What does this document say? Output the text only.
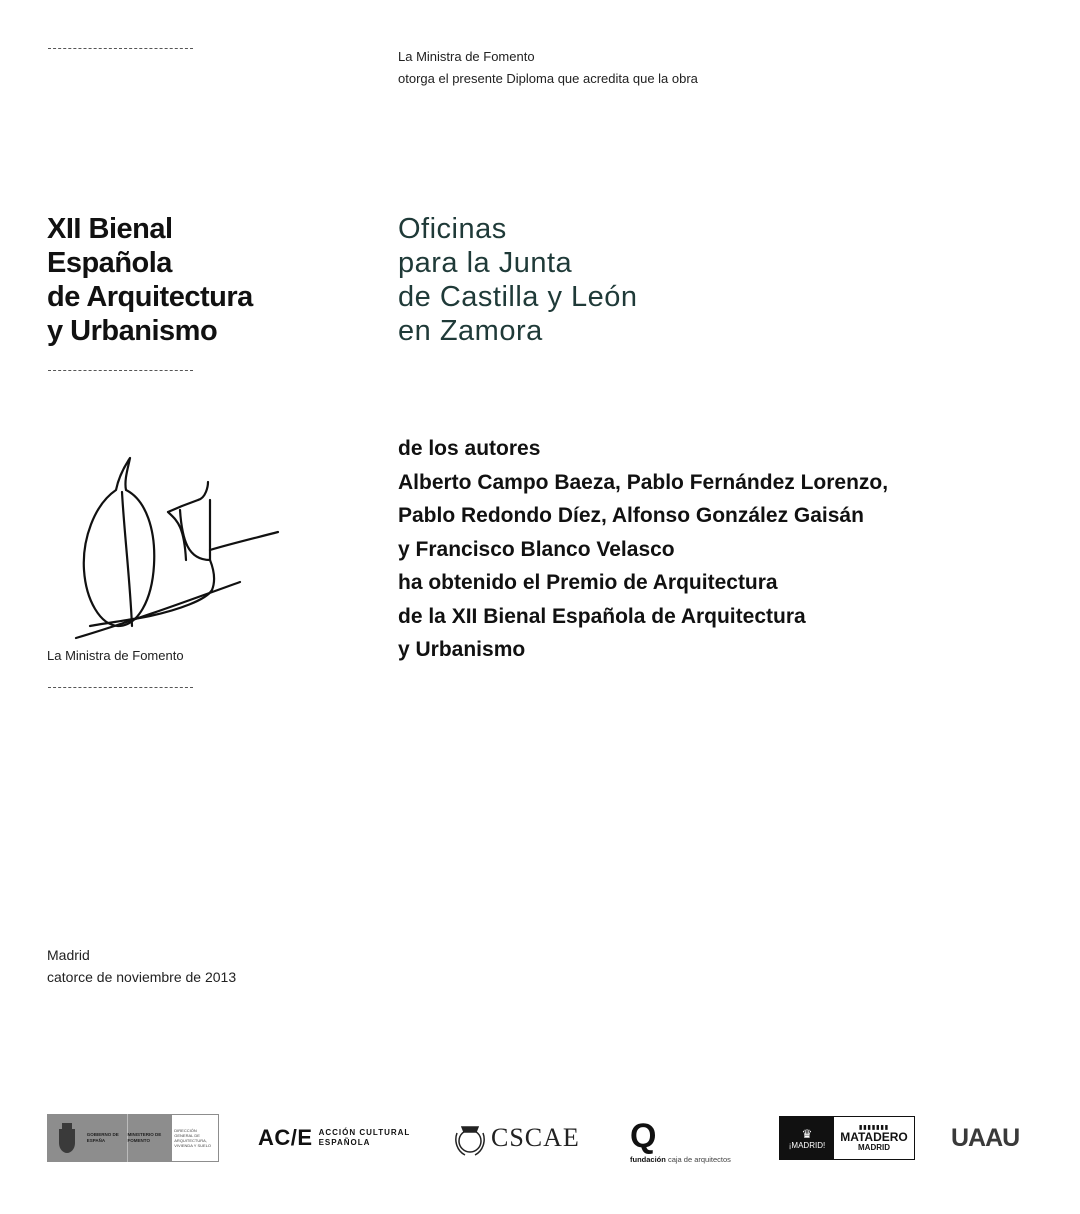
La Ministra de Fomento
otorga el presente Diploma que acredita que la obra
XII Bienal
Española
de Arquitectura
y Urbanismo
Oficinas
para la Junta
de Castilla y León
en Zamora
La Ministra de Fomento
de los autores
Alberto Campo Baeza, Pablo Fernández Lorenzo,
Pablo Redondo Díez, Alfonso González Gaisán
y Francisco Blanco Velasco
ha obtenido el Premio de Arquitectura
de la XII Bienal Española de Arquitectura
y Urbanismo
Madrid
catorce de noviembre de 2013
GOBIERNO DE ESPAÑA
MINISTERIO DE FOMENTO
DIRECCIÓN GENERAL DE ARQUITECTURA, VIVIENDA Y SUELO	AC/E ACCIÓN CULTURAL
ESPAÑOLA	CSCAE Q
fundación caja de arquitectos
♛
¡MADRID!
▮▮▮▮▮▮▮
MATADERO
MADRID UAAU
